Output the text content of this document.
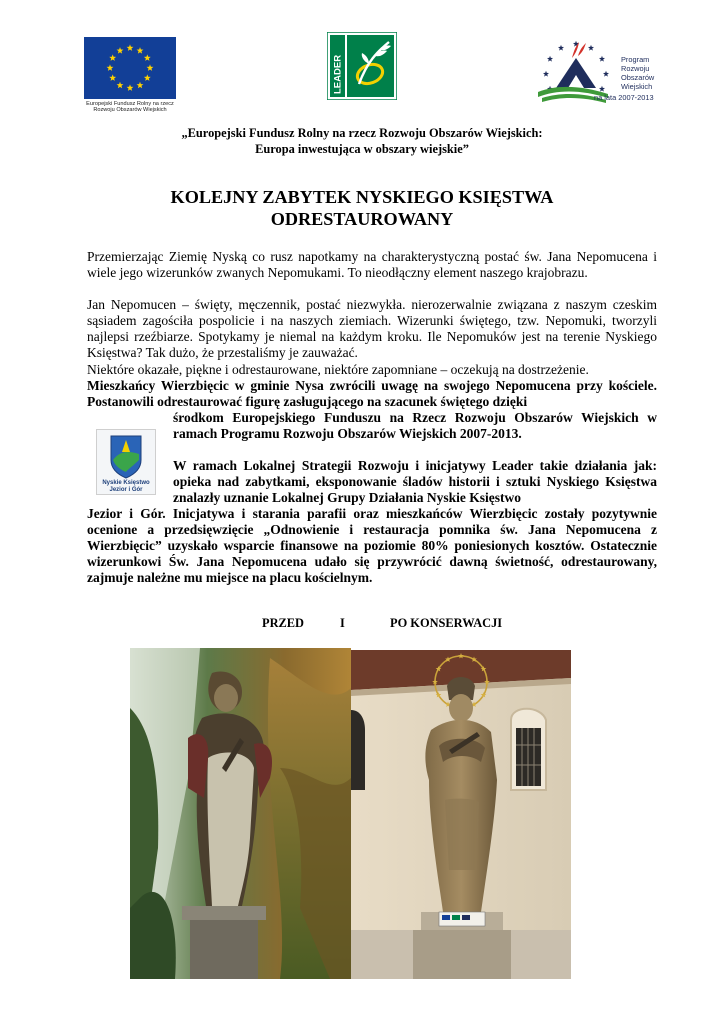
Europejski Fundusz Rolny na rzecz
Rozwoju Obszarów Wiejskich
LEADER	Program
Rozwoju
Obszarów
Wiejskich
na lata 2007-2013
„Europejski Fundusz Rolny na rzecz Rozwoju Obszarów Wiejskich:
Europa inwestująca w obszary wiejskie”
KOLEJNY ZABYTEK NYSKIEGO KSIĘSTWA
ODRESTAUROWANY

Przemierzając Ziemię Nyską co rusz napotkamy na charakterystyczną postać św. Jana Nepomucena i wiele jego wizerunków zwanych Nepomukami. To nieodłączny element naszego krajobrazu.

Jan Nepomucen – święty, męczennik, postać niezwykła. nierozerwalnie związana z naszym czeskim sąsiadem zagościła pospolicie i na naszych ziemiach. Wizerunki świętego, tzw. Nepomuki, tworzyli najlepsi rzeźbiarze. Spotykamy je niemal na każdym kroku. Ile Nepomuków jest na terenie Nyskiego Księstwa? Tak dużo, że przestaliśmy je zauważać.

Niektóre okazałe, piękne i odrestaurowane, niektóre zapomniane – oczekują na dostrzeżenie.

Mieszkańcy Wierzbięcic w gminie Nysa zwrócili uwagę na swojego Nepomucena przy kościele. Postanowili odrestaurować figurę zasługującego na szacunek świętego dzięki

Nyskie Księstwo
Jezior i Gór

środkom Europejskiego Funduszu na Rzecz Rozwoju Obszarów Wiejskich w ramach Programu Rozwoju Obszarów Wiejskich 2007-2013.

W ramach Lokalnej Strategii Rozwoju i inicjatywy Leader takie działania jak: opieka nad zabytkami, eksponowanie śladów historii i sztuki Nyskiego Księstwa znalazły uznanie Lokalnej Grupy Działania Nyskie Księstwo

Jezior i Gór. Inicjatywa i starania parafii oraz mieszkańców Wierzbięcic zostały pozytywnie ocenione a przedsięwzięcie „Odnowienie i restauracja pomnika św. Jana Nepomucena z Wierzbięcic” uzyskało wsparcie finansowe na poziomie 80% poniesionych kosztów. Ostatecznie wizerunkowi Św. Jana Nepomucena udało się przywrócić dawną świetność, odrestaurowany, zajmuje należne mu miejsce na placu kościelnym.

PRZED	I	PO KONSERWACJI
